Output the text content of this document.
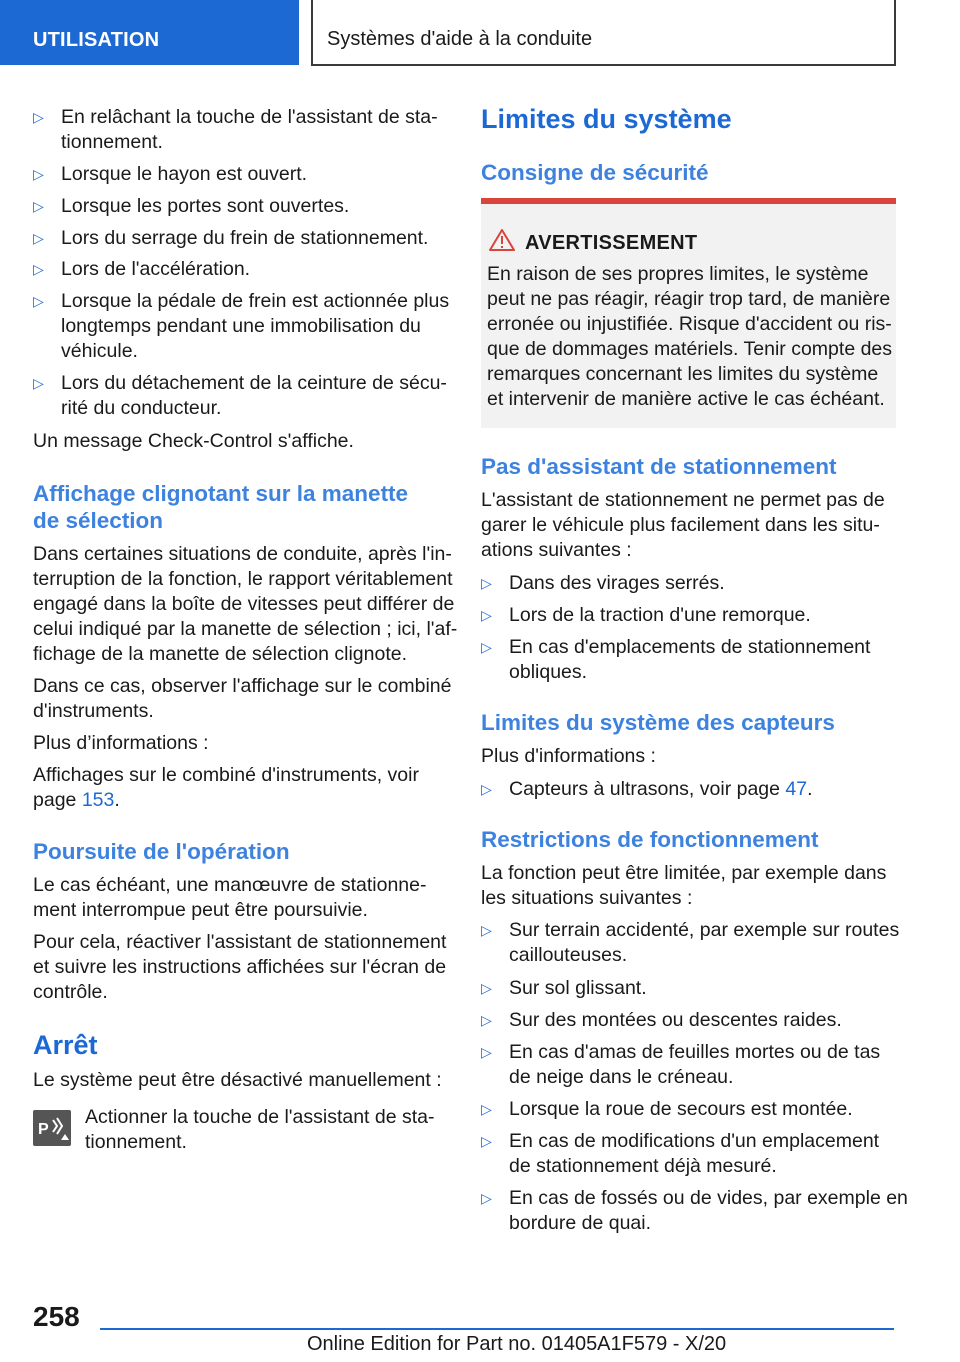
UTILISATION	Systèmes d'aide à la conduite
▷ En relâchant la touche de l'assistant de sta-

tionnement.

▷ Lorsque le hayon est ouvert.

▷ Lorsque les portes sont ouvertes.

▷ Lors du serrage du frein de stationnement.

▷ Lors de l'accélération.

▷ Lorsque la pédale de frein est actionnée plus

longtemps pendant une immobilisation du

véhicule.

▷ Lors du détachement de la ceinture de sécu-

rité du conducteur.

Un message Check-Control s'affiche.

Affichage clignotant sur la manette
de sélection

Dans certaines situations de conduite, après l'in-

terruption de la fonction, le rapport véritablement

engagé dans la boîte de vitesses peut différer de

celui indiqué par la manette de sélection ; ici, l'af-

fichage de la manette de sélection clignote.

Dans ce cas, observer l'affichage sur le combiné

d'instruments.

Plus d’informations :

Affichages sur le combiné d'instruments, voir

page 153.

Poursuite de l'opération

Le cas échéant, une manœuvre de stationne-

ment interrompue peut être poursuivie.

Pour cela, réactiver l'assistant de stationnement

et suivre les instructions affichées sur l'écran de

contrôle.

Arrêt

Le système peut être désactivé manuellement :

P

Actionner la touche de l'assistant de sta-

tionnement.

Limites du système
Consigne de sécurité
AVERTISSEMENT

En raison de ses propres limites, le système

peut ne pas réagir, réagir trop tard, de manière

erronée ou injustifiée. Risque d'accident ou ris-

que de dommages matériels. Tenir compte des

remarques concernant les limites du système

et intervenir de manière active le cas échéant.

Pas d'assistant de stationnement

L'assistant de stationnement ne permet pas de

garer le véhicule plus facilement dans les situ-

ations suivantes :

▷ Dans des virages serrés.

▷ Lors de la traction d'une remorque.

▷ En cas d'emplacements de stationnement

obliques.

Limites du système des capteurs

Plus d'informations :

▷ Capteurs à ultrasons, voir page 47.

Restrictions de fonctionnement

La fonction peut être limitée, par exemple dans

les situations suivantes :

▷ Sur terrain accidenté, par exemple sur routes

caillouteuses.

▷ Sur sol glissant.

▷ Sur des montées ou descentes raides.

▷ En cas d'amas de feuilles mortes ou de tas

de neige dans le créneau.

▷ Lorsque la roue de secours est montée.

▷ En cas de modifications d'un emplacement

de stationnement déjà mesuré.

▷ En cas de fossés ou de vides, par exemple en

bordure de quai.

258
Online Edition for Part no. 01405A1F579 - X/20
